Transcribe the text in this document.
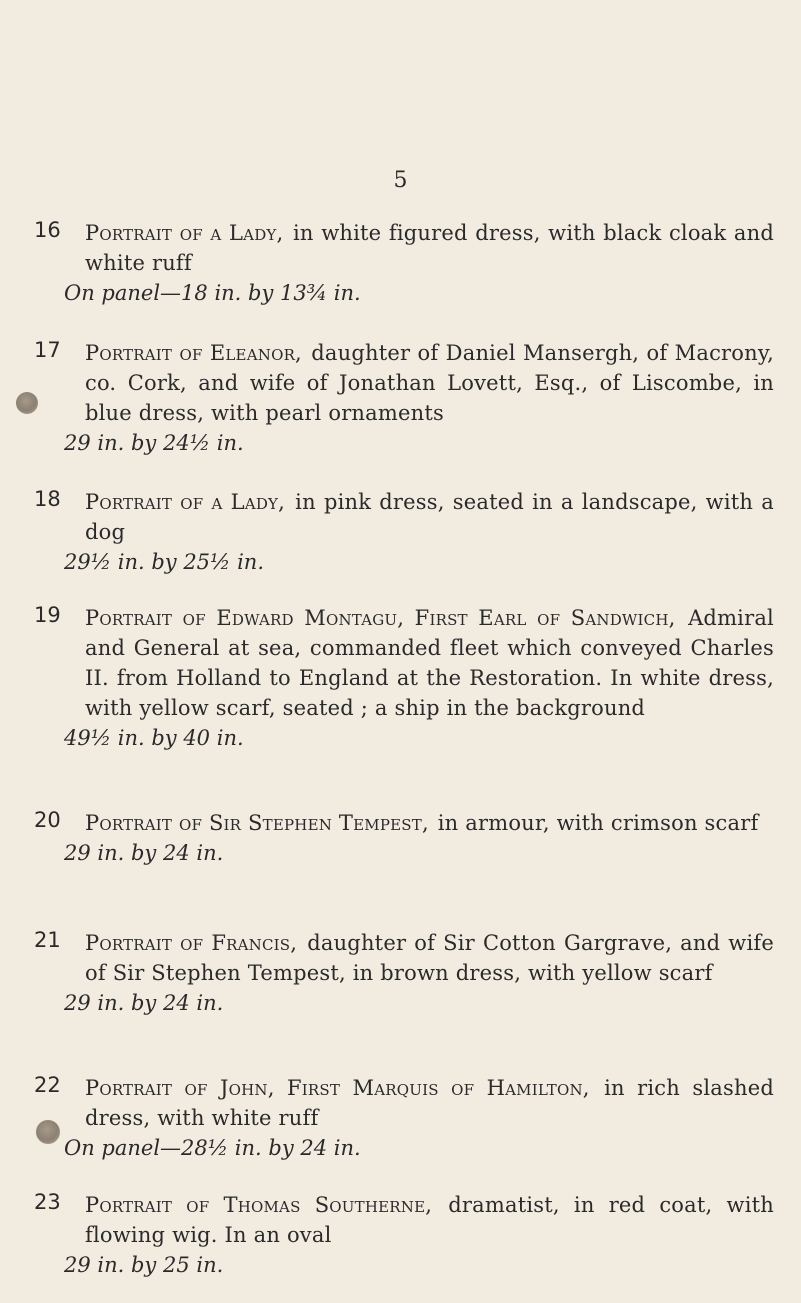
5
16	Portrait of a Lady, in white figured dress, with black cloak and white ruff
On panel—18 in. by 13¾ in.
17	Portrait of Eleanor, daughter of Daniel Mansergh, of Macrony, co. Cork, and wife of Jonathan Lovett, Esq., of Liscombe, in blue dress, with pearl ornaments
29 in. by 24½ in.
18	Portrait of a Lady, in pink dress, seated in a landscape, with a dog
29½ in. by 25½ in.
19	Portrait of Edward Montagu, First Earl of Sandwich, Admiral and General at sea, commanded fleet which conveyed Charles II. from Holland to England at the Restoration. In white dress, with yellow scarf, seated ; a ship in the background
49½ in. by 40 in.
20	Portrait of Sir Stephen Tempest, in armour, with crimson scarf
29 in. by 24 in.
21	Portrait of Francis, daughter of Sir Cotton Gargrave, and wife of Sir Stephen Tempest, in brown dress, with yellow scarf
29 in. by 24 in.
22	Portrait of John, First Marquis of Hamilton, in rich slashed dress, with white ruff
On panel—28½ in. by 24 in.
23	Portrait of Thomas Southerne, dramatist, in red coat, with flowing wig. In an oval
29 in. by 25 in.
